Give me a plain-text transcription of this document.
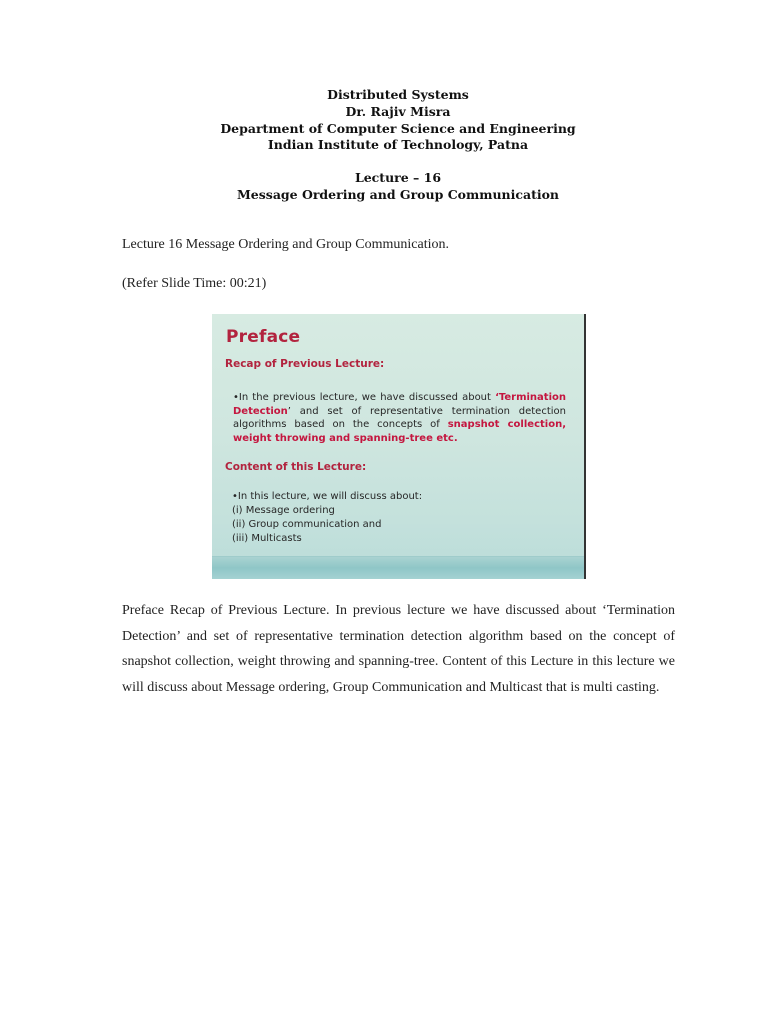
Distributed Systems
Dr. Rajiv Misra
Department of Computer Science and Engineering
Indian Institute of Technology, Patna
Lecture – 16
Message Ordering and Group Communication
Lecture 16 Message Ordering and Group Communication.
(Refer Slide Time: 00:21)
Preface
Recap of Previous Lecture:
•In the previous lecture, we have discussed about ‘Termination Detection’ and set of representative termination detection algorithms based on the concepts of snapshot collection, weight throwing and spanning-tree etc.
Content of this Lecture:
•In this lecture, we will discuss about:
(i) Message ordering
(ii) Group communication and
(iii) Multicasts
Preface Recap of Previous Lecture. In previous lecture we have discussed about ‘Termination Detection’ and set of representative termination detection algorithm based on the concept of snapshot collection, weight throwing and spanning-tree. Content of this Lecture in this lecture we will discuss about Message ordering, Group Communication and Multicast that is multi casting.
